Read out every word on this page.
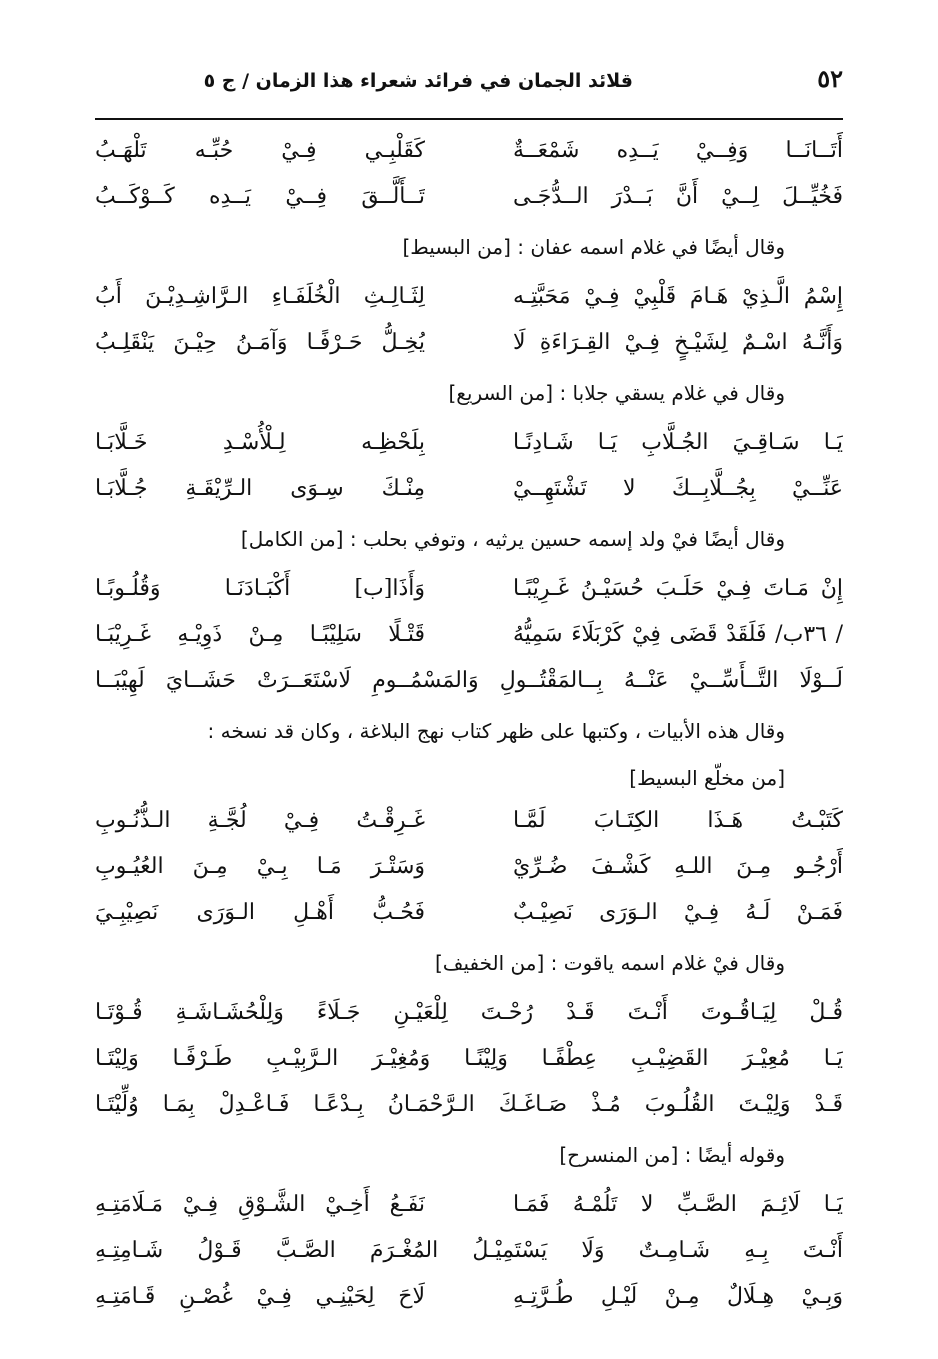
٥٢
قلائد الجمان في فرائد شعراء هذا الزمان / ج ٥
أَتَــانَــا وَفِــيْ يَــدِه شَمْعَــةٌ
كَقَلْبِـي فِـيْ حُبِّـه تَلْهَـبُ
فَخُيِّــلَ لِــيْ أَنَّ بَــدْرَ الــدُّجَـى
تَــأَلَّــقَ فِــيْ يَــدِه كَــوْكَــبُ
وقال أيضًا في غلام اسمه عفان : [من البسيط]
إِسْمُ الَّـذِيْ هَـامَ قَلْبِيْ فِـيْ مَحَبَّتِـه
لِثَـالِـثِ الْخُلَفَـاءِ الـرَّاشِـدِيْـنَ أَبُ
وَأَنَّـهُ اسْـمٌ لِشَيْـخٍ فِـيْ القِـرَاءَةِ لَا
يُخِـلُّ حَـرْفًـا وَآمَـنُ حِيْـنَ يَنْقَلِـبُ
وقال في غلام يسقي جلابا : [من السريع]
يَـا سَـاقِـيَ الجُـلَّابِ يَـا شَـادِنًـا
بِلَحْظِـه لِـلْأُسْـدِ خَـلَّابَـا
عَنِّــيْ بِجُــلَّابِــكَ لا تَشْتَهِــيْ
مِنْـكَ سِـوَى الـرِّيْقَـةِ جُـلَّابَـا
وقال أيضًا فيْ ولد إسمه حسين يرثيه ، وتوفي بحلب : [من الكامل]
إِنْ مَـاتَ فِـيْ حَلَـبَ حُسَيْـنُ غَـرِيْبًـا
وَأَذَا[ب] أَكْبَـادَنَـا وَقُلُـوبًـا
/ ٣٦ب/ فَلَقَدْ قَضَى فِيْ كَرْبَلَاءَ سَمِيُّهُ
قَتْـلًا سَلِيْبًـا مِـنْ ذَوِيْـهِ غَـرِيْبَـا
لَــوْلَا التَّــأَسِّــيْ عَنْــهُ بِــالمَقْتُــولِ وَالمَسْمُــومِ لَاسْتَعَــرَتْ حَشَــايَ لَهِيْبَــا
وقال هذه الأبيات ، وكتبها على ظهر كتاب نهج البلاغة ، وكان قد نسخه :
[من مخلّع البسيط]
كَتَبْـتُ هَـذَا الكِتَـابَ لَمَّـا
غَـرِقْـتُ فِـيْ لُجَّـةِ الـذُّنُـوبِ
أَرْجُـو مِـنَ اللـهِ كَشْـفَ ضُـرِّيْ
وَسَتْـرَ مَـا بِـيْ مِـنَ العُيُـوبِ
فَمَـنْ لَـهُ فِـيْ الـوَرَى نَصِيْـبٌ
فَحُـبُّ أَهْـلِ الـوَرَى نَصِيْبِـيَ
وقال فيْ غلام اسمه ياقوت : [من الخفيف]
قُـلْ لِيَـاقُـوتَ أَنْـتَ قَـدْ رُحْـتَ لِلْعَيْـنِ جَـلَاءً وَلِلْحُشَـاشَـةِ قُـوْتَـا
يَـا مُعِيْـرَ القَضِيْـبِ عِطْفًـا وَلِيْنًـا وَمُغِيْـرَ الـرَّبِيْـبِ طَـرْفًـا وَلِيْتَـا
قَـدْ وَلِيْـتَ القُلُـوبَ مُـذْ صَـاغَـكَ الـرَّحْمَـانُ بِـدْعًـا فَـاعْـدِلْ بِمَـا وُلِّيْتَـا
وقوله أيضًا : [من المنسرح]
يَـا لَائِـمَ الصَّـبِّ لا تَلُمْـهُ فَمَـا
نَفَـعُ أَخِـيْ الشَّـوْقِ فِـيْ مَـلَامَتِـهِ
أَنْـتَ بِـهِ شَـامِـتٌ وَلَا يَسْتَمِيْـلُ المُغْـرَمَ الصَّـبَّ قَـوْلُ شَـامِتِـهِ
وَبِـيْ هِـلَالٌ مِـنْ لَيْـلِ طُـرَّتِـهِ
لَاحَ لِحَيْنِـي فِـيْ غُصْـنِ قَـامَتِـهِ
